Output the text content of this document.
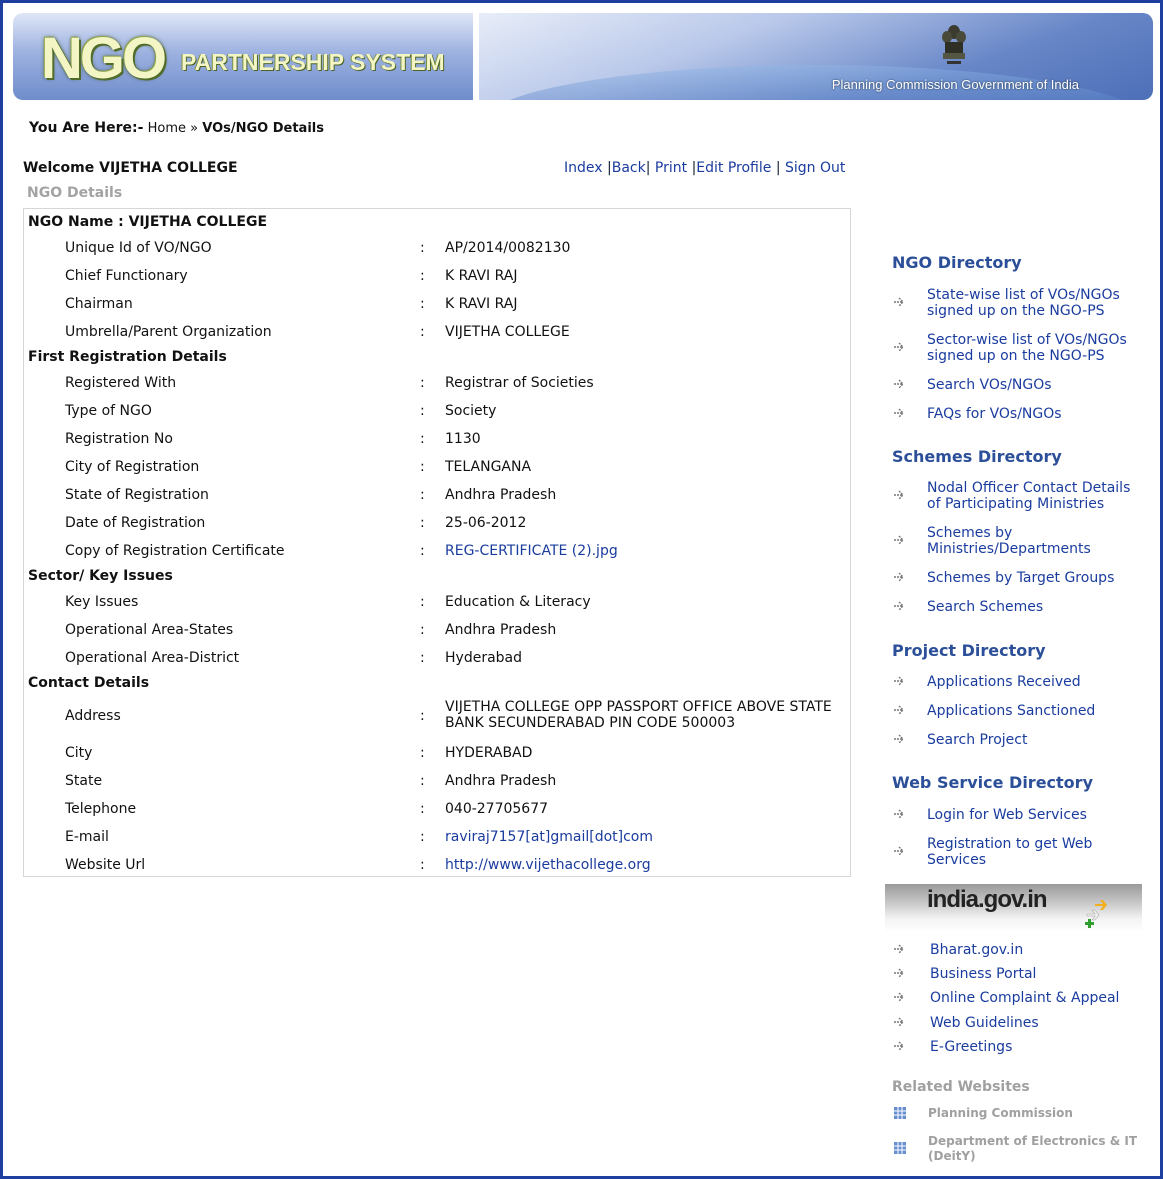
NGO PARTNERSHIP SYSTEM
Planning Commission Government of India
You Are Here:- Home » VOs/NGO Details
Welcome VIJETHA COLLEGE	Index |Back| Print |Edit Profile | Sign Out
NGO Details
NGO Name : VIJETHA COLLEGE
Unique Id of VO/NGO	: AP/2014/0082130
Chief Functionary	: K RAVI RAJ
Chairman	: K RAVI RAJ
Umbrella/Parent Organization	: VIJETHA COLLEGE
First Registration Details
Registered With	: Registrar of Societies
Type of NGO	: Society
Registration No	: 1130
City of Registration	: TELANGANA
State of Registration	: Andhra Pradesh
Date of Registration	: 25-06-2012
Copy of Registration Certificate	: REG-CERTIFICATE (2).jpg
Sector/ Key Issues
Key Issues	: Education & Literacy
Operational Area-States	: Andhra Pradesh
Operational Area-District	: Hyderabad
Contact Details
Address	:
VIJETHA COLLEGE OPP PASSPORT OFFICE ABOVE STATE BANK SECUNDERABAD PIN CODE 500003
City	: HYDERABAD
State	: Andhra Pradesh
Telephone	: 040-27705677
E-mail	: raviraj7157[at]gmail[dot]com
Website Url	: http://www.vijethacollege.org
NGO Directory
State-wise list of VOs/NGOs signed up on the NGO-PS
Sector-wise list of VOs/NGOs signed up on the NGO-PS
Search VOs/NGOs
FAQs for VOs/NGOs
Schemes Directory
Nodal Officer Contact Details of Participating Ministries
Schemes by Ministries/Departments
Schemes by Target Groups
Search Schemes
Project Directory
Applications Received
Applications Sanctioned
Search Project
Web Service Directory
Login for Web Services
Registration to get Web Services
india.gov.in
Bharat.gov.in
Business Portal
Online Complaint & Appeal
Web Guidelines
E-Greetings
Related Websites
Planning Commission
Department of Electronics & IT (DeitY)
